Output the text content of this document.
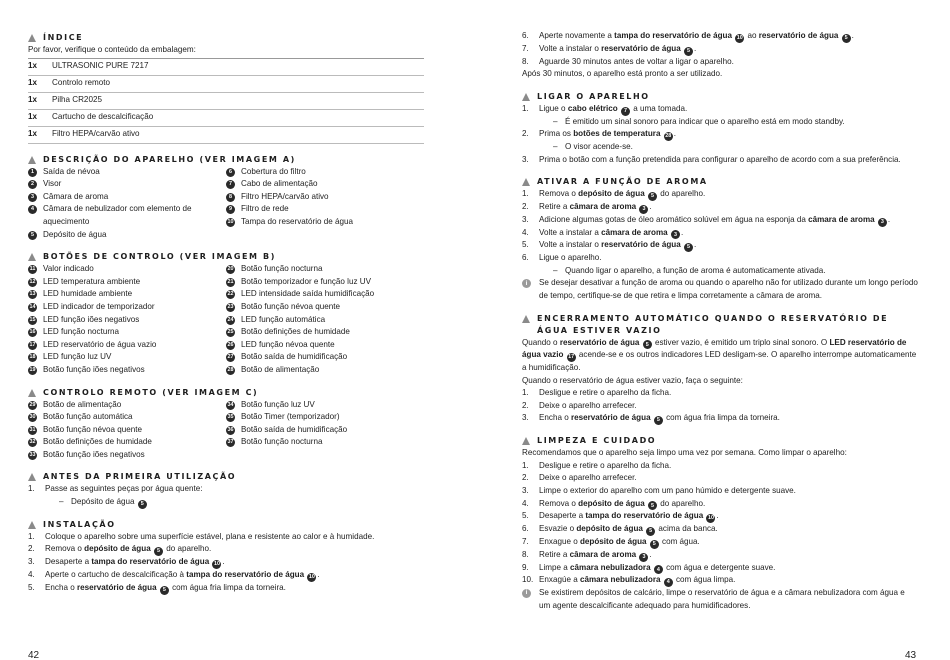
ÍNDICE
Por favor, verifique o conteúdo da embalagem:
1x	ULTRASONIC PURE 7217
1x	Controlo remoto
1x	Pilha CR2025
1x	Cartucho de descalcificação
1x	Filtro HEPA/carvão ativo
DESCRIÇÃO DO APARELHO (VER IMAGEM A)
1	Saída de névoa
2	Visor
3	Câmara de aroma
4	Câmara de nebulizador com elemento de aquecimento
5	Depósito de água
6	Cobertura do filtro
7	Cabo de alimentação
8	Filtro HEPA/carvão ativo
9	Filtro de rede
10 Tampa do reservatório de água
BOTÕES DE CONTROLO (VER IMAGEM B)
11 Valor indicado
12 LED temperatura ambiente
13 LED humidade ambiente
14 LED indicador de temporizador
15 LED função iões negativos
16 LED função nocturna
17 LED reservatório de água vazio
18 LED função luz UV
19 Botão função iões negativos
20 Botão função nocturna
21 Botão temporizador e função luz UV
22 LED intensidade saída humidificação
23 Botão função névoa quente
24 LED função automática
25 Botão definições de humidade
26 LED função névoa quente
27 Botão saída de humidificação
28 Botão de alimentação
CONTROLO REMOTO (VER IMAGEM C)
29 Botão de alimentação
30 Botão função automática
31 Botão função névoa quente
32 Botão definições de humidade
33 Botão função iões negativos
34 Botão função luz UV
35 Botão Timer (temporizador)
36 Botão saída de humidificação
37 Botão função nocturna
ANTES DA PRIMEIRA UTILIZAÇÃO
1.	Passe as seguintes peças por água quente:
– Depósito de água 5
INSTALAÇÃO
1.	Coloque o aparelho sobre uma superfície estável, plana e resistente ao calor e à humidade.
2.	Remova o depósito de água 5 do aparelho.
3.	Desaperte a tampa do reservatório de água 10 .
4.	Aperte o cartucho de descalcificação à tampa do reservatório de água 10 .
5.	Encha o reservatório de água 5 com água fria limpa da torneira.
6.	Aperte novamente a tampa do reservatório de água 10 ao reservatório de água 5 .
7.	Volte a instalar o reservatório de água 5 .
8.	Aguarde 30 minutos antes de voltar a ligar o aparelho.
Após 30 minutos, o aparelho está pronto a ser utilizado.
LIGAR O APARELHO
1.	Ligue o cabo elétrico 7 a uma tomada.
– É emitido um sinal sonoro para indicar que o aparelho está em modo standby.
2.	Prima os botões de temperatura 28 .
– O visor acende-se.
3.	Prima o botão com a função pretendida para configurar o aparelho de acordo com a sua preferência.
ATIVAR A FUNÇÃO DE AROMA
1.	Remova o depósito de água 5 do aparelho.
2.	Retire a câmara de aroma 3 .
3.	Adicione algumas gotas de óleo aromático solúvel em água na esponja da câmara de aroma 3 .
4.	Volte a instalar a câmara de aroma 3 .
5.	Volte a instalar o reservatório de água 5 .
6.	Ligue o aparelho.
– Quando ligar o aparelho, a função de aroma é automaticamente ativada.
i	Se desejar desativar a função de aroma ou quando o aparelho não for utilizado durante um longo período de tempo, certifique-se de que retira e limpa corretamente a câmara de aroma.
ENCERRAMENTO AUTOMÁTICO QUANDO O RESERVATÓRIO DE ÁGUA ESTIVER VAZIO
Quando o reservatório de água 5 estiver vazio, é emitido um triplo sinal sonoro. O LED reservatório de água vazio 17 acende-se e os outros indicadores LED desligam-se. O aparelho interrompe automaticamente a humidificação.
Quando o reservatório de água estiver vazio, faça o seguinte:
1.	Desligue e retire o aparelho da ficha.
2.	Deixe o aparelho arrefecer.
3.	Encha o reservatório de água 5 com água fria limpa da torneira.
LIMPEZA E CUIDADO
Recomendamos que o aparelho seja limpo uma vez por semana. Como limpar o aparelho:
1.	Desligue e retire o aparelho da ficha.
2.	Deixe o aparelho arrefecer.
3.	Limpe o exterior do aparelho com um pano húmido e detergente suave.
4.	Remova o depósito de água 5 do aparelho.
5.	Desaperte a tampa do reservatório de água 10 .
6.	Esvazie o depósito de água 5 acima da banca.
7.	Enxague o depósito de água 5 com água.
8.	Retire a câmara de aroma 3 .
9.	Limpe a câmara nebulizadora 4 com água e detergente suave.
10. Enxagúe a câmara nebulizadora 4 com água limpa.
i	Se existirem depósitos de calcário, limpe o reservatório de água e a câmara nebulizadora com água e um agente descalcificante adequado para humidificadores.
42	43
